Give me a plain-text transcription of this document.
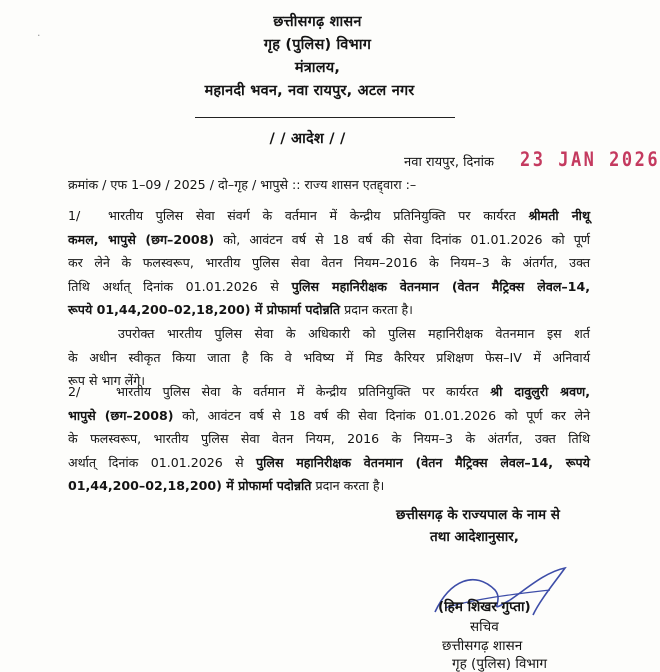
.
छत्तीसगढ़ शासन
गृह (पुलिस) विभाग
मंत्रालय,
महानदी भवन, नवा रायपुर, अटल नगर
/ / आदेश / /
नवा रायपुर, दिनांक 23 JAN 2026
क्रमांक / एफ 1–09 / 2025 / दो–गृह / भापुसे :: राज्य शासन एतद्द्वारा :–
1/	भारतीय पुलिस सेवा संवर्ग के वर्तमान में केन्द्रीय प्रतिनियुक्ति पर कार्यरत श्रीमती नीथू
कमल, भापुसे (छग–2008) को, आवंटन वर्ष से 18 वर्ष की सेवा दिनांक 01.01.2026 को पूर्ण
कर लेने के फलस्वरूप, भारतीय पुलिस सेवा वेतन नियम–2016 के नियम–3 के अंतर्गत, उक्त
तिथि अर्थात् दिनांक 01.01.2026 से पुलिस महानिरीक्षक वेतनमान (वेतन मैट्रिक्स लेवल–14,
रूपये 01,44,200–02,18,200) में प्रोफार्मा पदोन्नति प्रदान करता है।
उपरोक्त भारतीय पुलिस सेवा के अधिकारी को पुलिस महानिरीक्षक वेतनमान इस शर्त
के अधीन स्वीकृत किया जाता है कि वे भविष्य में मिड कैरियर प्रशिक्षण फेस–IV में अनिवार्य
रूप से भाग लेंगे।
2/	भारतीय पुलिस सेवा के वर्तमान में केन्द्रीय प्रतिनियुक्ति पर कार्यरत श्री दावुलुरी श्रवण,
भापुसे (छग–2008) को, आवंटन वर्ष से 18 वर्ष की सेवा दिनांक 01.01.2026 को पूर्ण कर लेने
के फलस्वरूप, भारतीय पुलिस सेवा वेतन नियम, 2016 के नियम–3 के अंतर्गत, उक्त तिथि
अर्थात् दिनांक 01.01.2026 से पुलिस महानिरीक्षक वेतनमान (वेतन मैट्रिक्स लेवल–14, रूपये
01,44,200–02,18,200) में प्रोफार्मा पदोन्नति प्रदान करता है।
छत्तीसगढ़ के राज्यपाल के नाम से
तथा आदेशानुसार,
(हिम शिखर गुप्ता)
सचिव
छत्तीसगढ़ शासन
गृह (पुलिस) विभाग
